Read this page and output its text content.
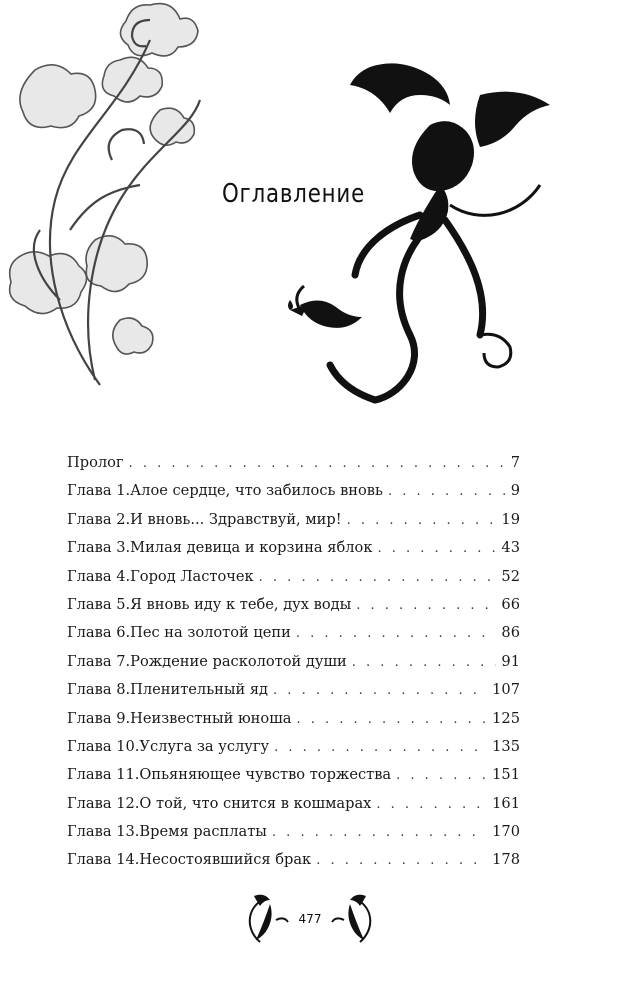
Оглавление
Пролог . . .	7
Глава 1. Алое сердце, что забилось вновь . . .	9
Глава 2. И вновь... Здравствуй, мир! . . .	19
Глава 3. Милая девица и корзина яблок . . .	43
Глава 4. Город Ласточек . . .	52
Глава 5. Я вновь иду к тебе, дух воды . . .	66
Глава 6. Пес на золотой цепи . . .	86
Глава 7. Рождение расколотой души . . .	91
Глава 8. Пленительный яд . . .	107
Глава 9. Неизвестный юноша . . .	125
Глава 10. Услуга за услугу . . .	135
Глава 11. Опьяняющее чувство торжества . . .	151
Глава 12. О той, что снится в кошмарах . . .	161
Глава 13. Время расплаты . . .	170
Глава 14. Несостоявшийся брак . . .	178
477
